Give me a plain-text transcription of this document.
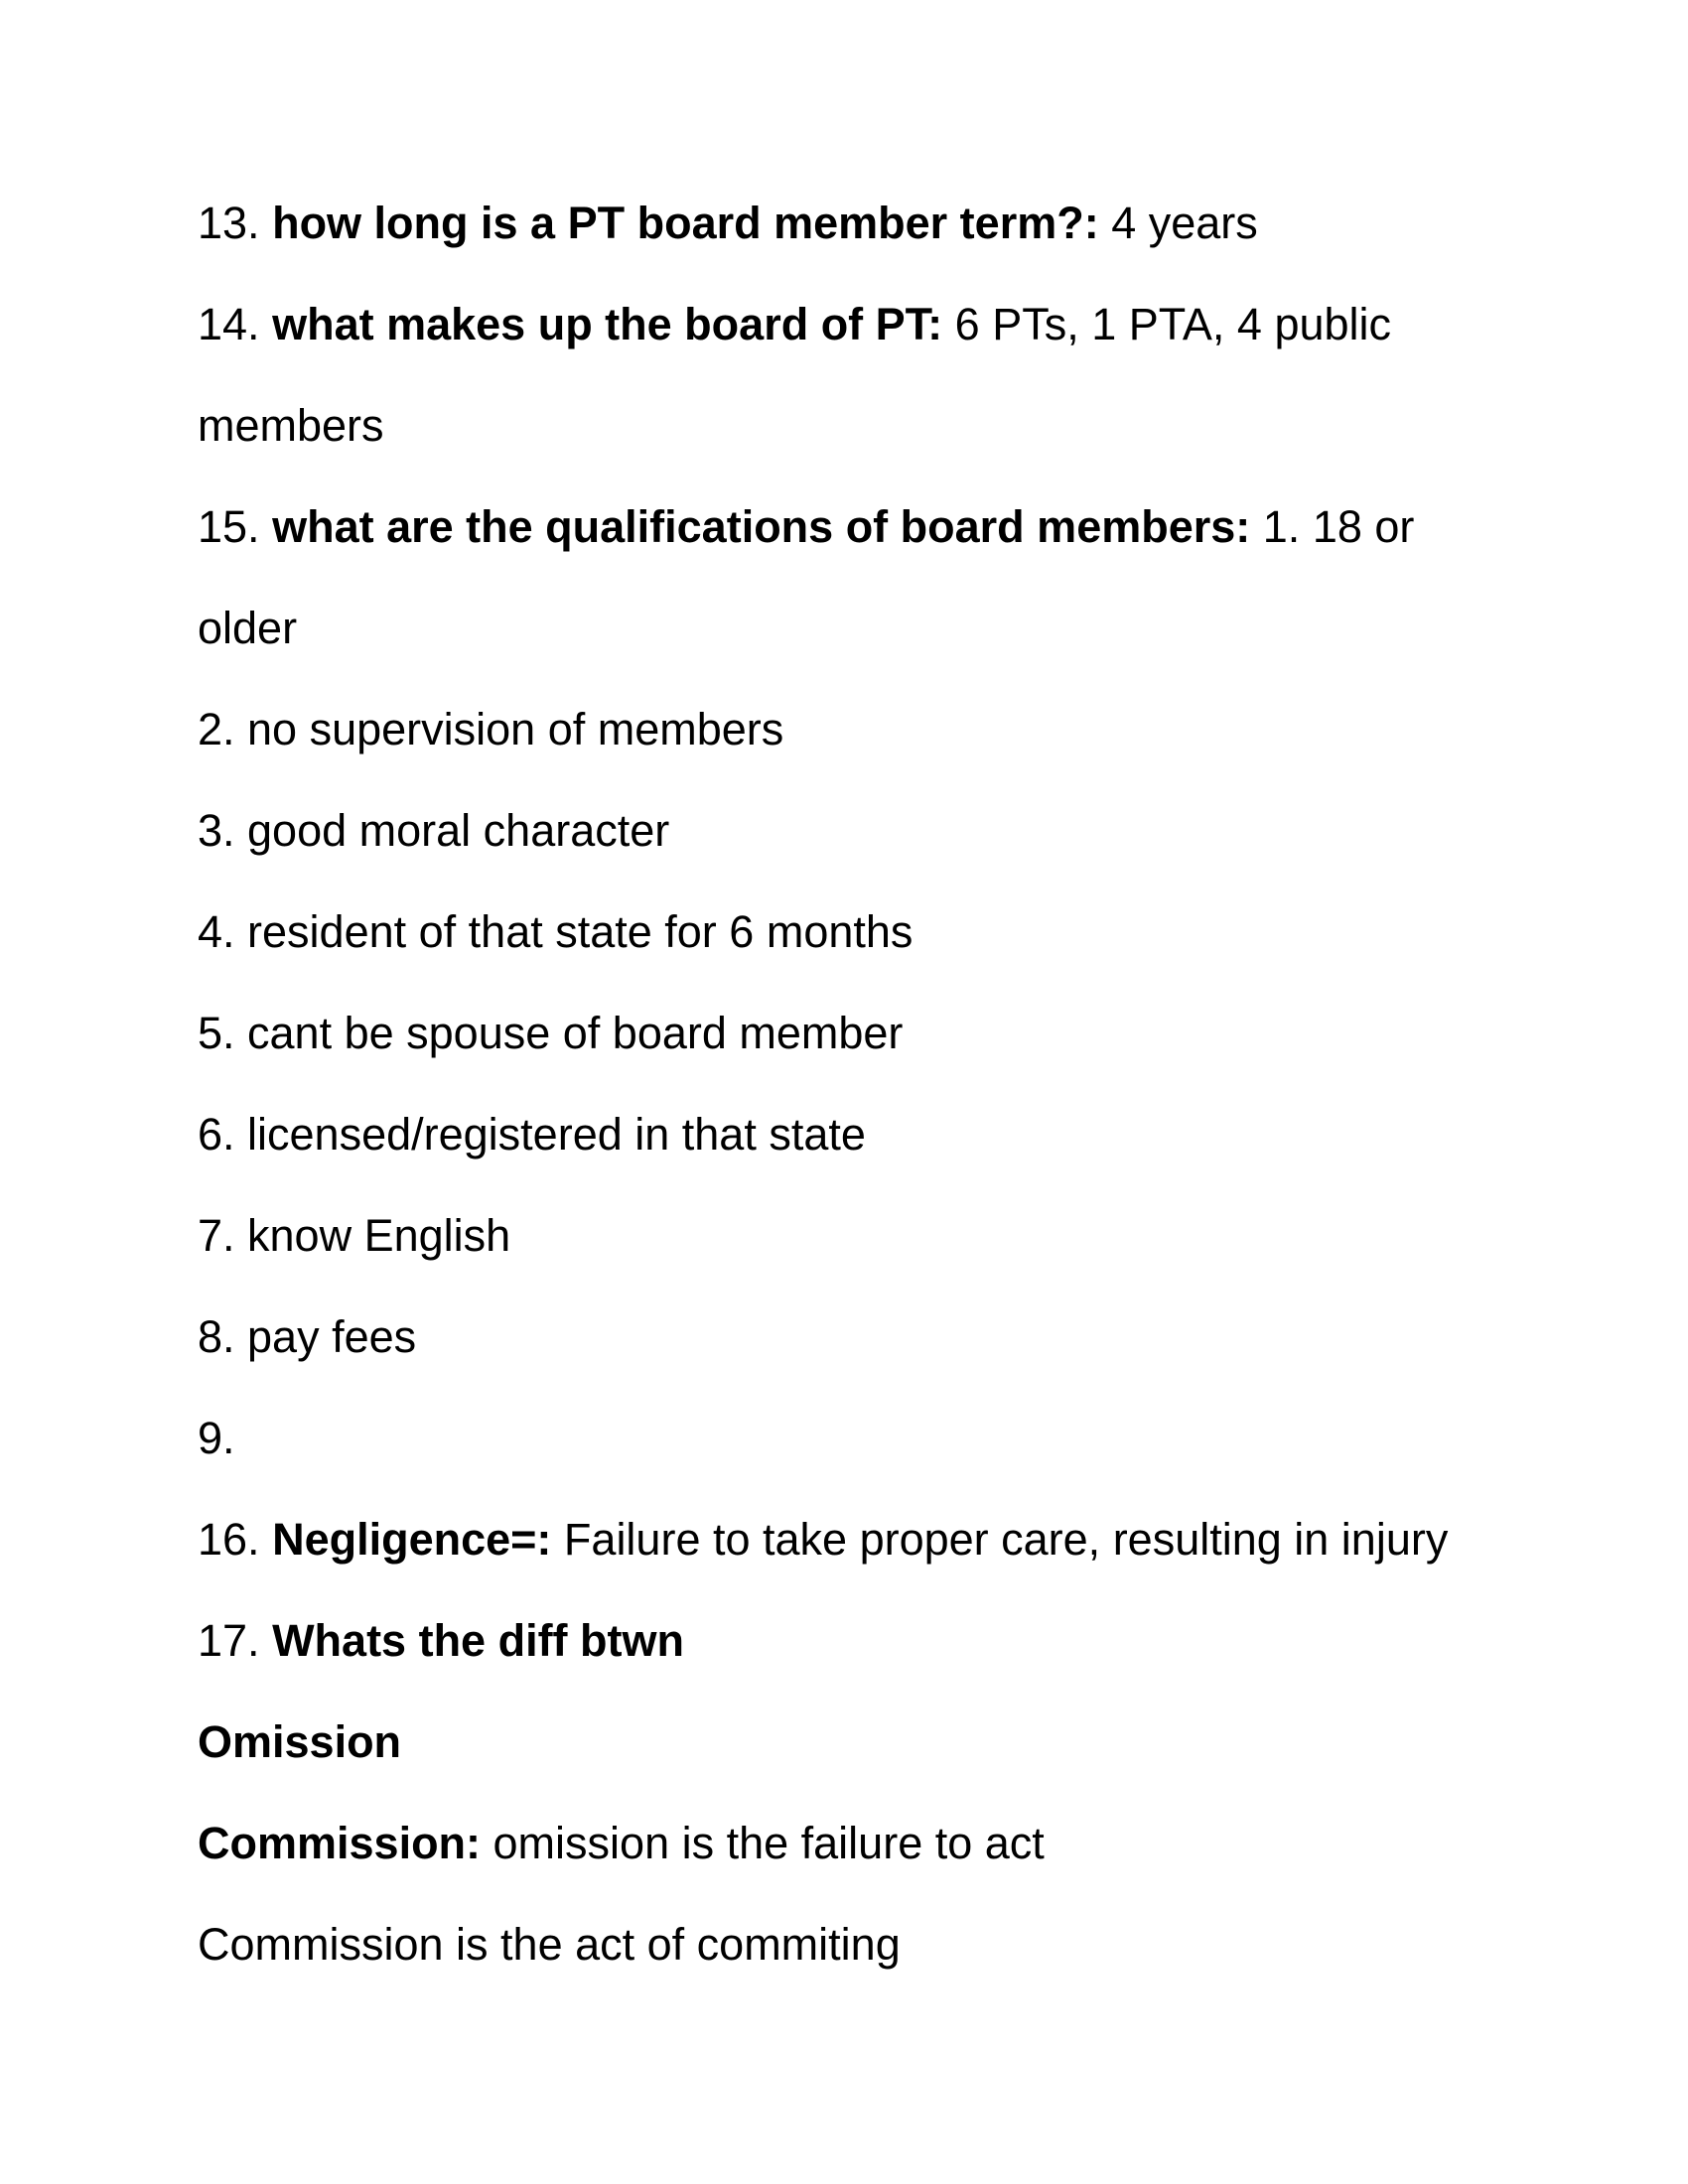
13. how long is a PT board member term?: 4 years
14. what makes up the board of PT: 6 PTs, 1 PTA, 4 public
members
15. what are the qualifications of board members: 1. 18 or
older
2. no supervision of members
3. good moral character
4. resident of that state for 6 months
5. cant be spouse of board member
6. licensed/registered in that state
7. know English
8. pay fees
9.
16. Negligence=: Failure to take proper care, resulting in injury
17. Whats the diff btwn
Omission
Commission: omission is the failure to act
Commission is the act of commiting
